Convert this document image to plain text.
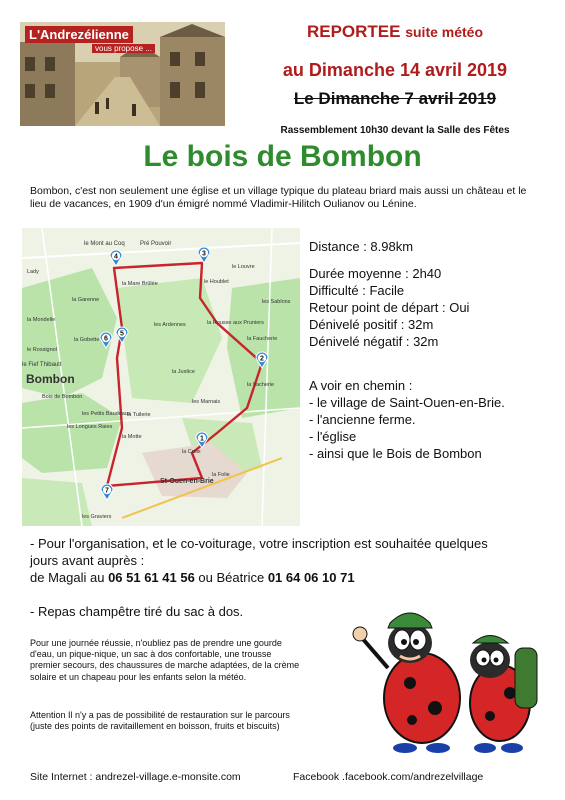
L'Andrezélienne
vous propose ...
REPORTEE suite météo
au Dimanche 14 avril 2019
Le Dimanche 7 avril 2019
Rassemblement 10h30 devant la Salle des Fêtes
Le bois de Bombon
Bombon, c'est non seulement une église et un village typique du plateau briard mais aussi un château et le lieu de vacances, en 1909 d'un émigré nommé Vladimir-Hilitch Oulianov ou Lénine.
Bombon
St-Ouen-en-Brie
le Mont au Coq	Pré Pouvoir
le Houblet
la Mare Brûlée
la Garenne
la Mondelle
le Rossignol
le Fief Thibault
la Gobette	la Faucherie
les Ardennes
la Vacherie
la Justice
les Marnais
la Rousse aux Pruniers
les Longues Raies
les Petits Baudeaux
la Croix
la Motte
les Graviers
la Folie
les Sablons
Lady
Bois de Bombon
le Louvre
la Tuilerie
1
2
3
4
5
6
7
Distance : 8.98km
Durée moyenne : 2h40
Difficulté : Facile
Retour point de départ : Oui
Dénivelé positif : 32m
Dénivelé négatif : 32m
A voir en chemin :
- le village de Saint-Ouen-en-Brie.
- l'ancienne ferme.
- l'église
- ainsi que le Bois de Bombon
- Pour l'organisation, et le co-voiturage, votre inscription est souhaitée quelques
jours avant auprès :
de Magali au 06 51 61 41 56 ou Béatrice 01 64 06 10 71
- Repas champêtre tiré du sac à dos.
Pour une journée réussie, n'oubliez pas de prendre une gourde d'eau, un pique-nique, un sac à dos confortable, une trousse premier secours, des chaussures de marche adaptées, de la crème solaire et un chapeau pour les enfants selon la météo.
Attention Il n'y a pas de possibilité de restauration sur le parcours (juste des points de ravitaillement en boisson, fruits et biscuits)
Site Internet : andrezel-village.e-monsite.com	Facebook .facebook.com/andrezelvillage
